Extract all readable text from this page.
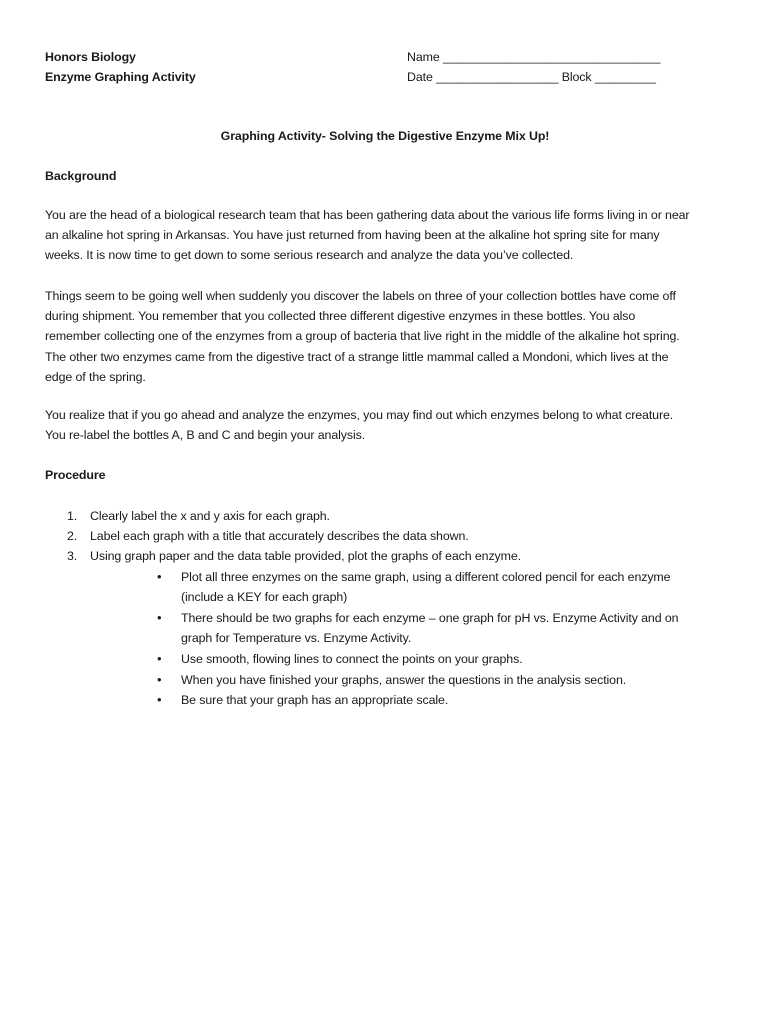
Honors Biology
Enzyme Graphing Activity
Name ________________________________
Date __________________ Block _________
Graphing Activity- Solving the Digestive Enzyme Mix Up!
Background
You are the head of a biological research team that has been gathering data about the various life forms living in or near
an alkaline hot spring in Arkansas. You have just returned from having been at the alkaline hot spring site for many
weeks. It is now time to get down to some serious research and analyze the data you’ve collected.
Things seem to be going well when suddenly you discover the labels on three of your collection bottles have come off
during shipment. You remember that you collected three different digestive enzymes in these bottles. You also
remember collecting one of the enzymes from a group of bacteria that live right in the middle of the alkaline hot spring.
The other two enzymes came from the digestive tract of a strange little mammal called a Mondoni, which lives at the
edge of the spring.
You realize that if you go ahead and analyze the enzymes, you may find out which enzymes belong to what creature.
You re-label the bottles A, B and C and begin your analysis.
Procedure
1. Clearly label the x and y axis for each graph.
2. Label each graph with a title that accurately describes the data shown.
3. Using graph paper and the data table provided, plot the graphs of each enzyme.
• Plot all three enzymes on the same graph, using a different colored pencil for each enzyme
(include a KEY for each graph)
• There should be two graphs for each enzyme – one graph for pH vs. Enzyme Activity and on
graph for Temperature vs. Enzyme Activity.
• Use smooth, flowing lines to connect the points on your graphs.
• When you have finished your graphs, answer the questions in the analysis section.
• Be sure that your graph has an appropriate scale.
